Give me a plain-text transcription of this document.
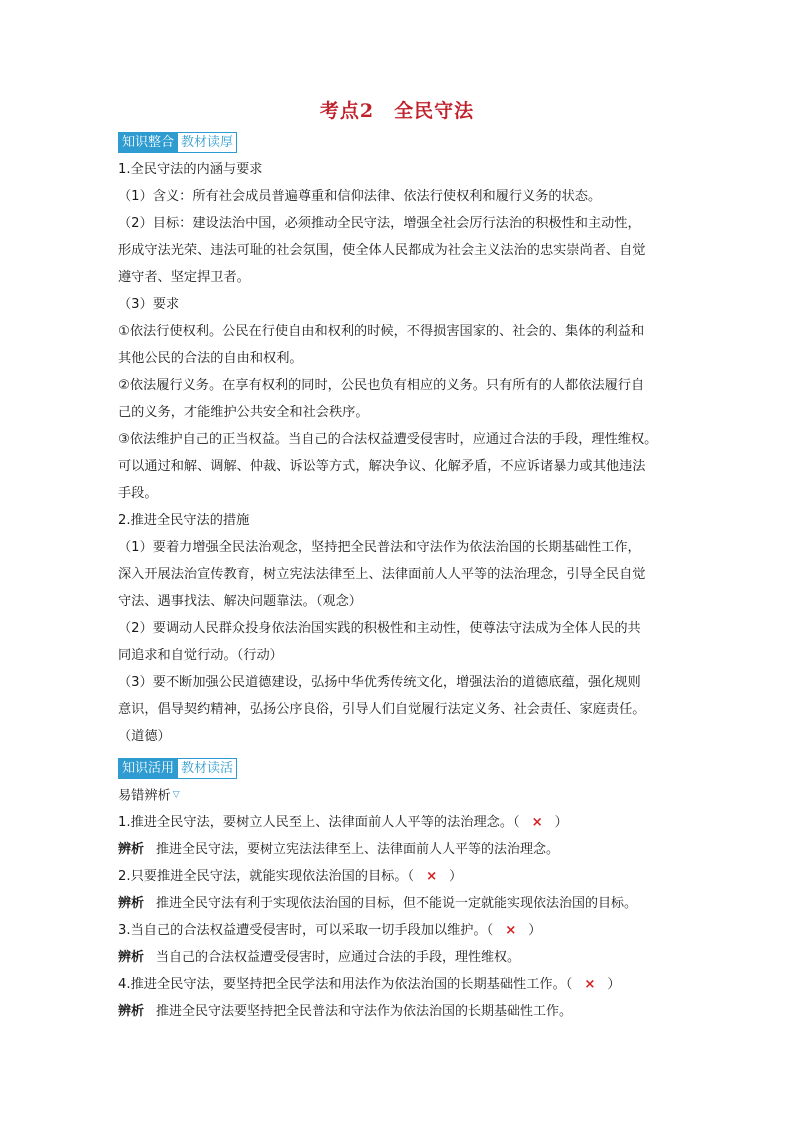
考点2　全民守法
知识整合 教材读厚
1.全民守法的内涵与要求
（1）含义：所有社会成员普遍尊重和信仰法律、依法行使权利和履行义务的状态。
（2）目标：建设法治中国，必须推动全民守法，增强全社会厉行法治的积极性和主动性，
形成守法光荣、违法可耻的社会氛围，使全体人民都成为社会主义法治的忠实崇尚者、自觉
遵守者、坚定捍卫者。
（3）要求
①依法行使权利。公民在行使自由和权利的时候，不得损害国家的、社会的、集体的利益和
其他公民的合法的自由和权利。
②依法履行义务。在享有权利的同时，公民也负有相应的义务。只有所有的人都依法履行自
己的义务，才能维护公共安全和社会秩序。
③依法维护自己的正当权益。当自己的合法权益遭受侵害时，应通过合法的手段，理性维权。
可以通过和解、调解、仲裁、诉讼等方式，解决争议、化解矛盾，不应诉诸暴力或其他违法
手段。
2.推进全民守法的措施
（1）要着力增强全民法治观念，坚持把全民普法和守法作为依法治国的长期基础性工作，
深入开展法治宣传教育，树立宪法法律至上、法律面前人人平等的法治理念，引导全民自觉
守法、遇事找法、解决问题靠法。（观念）
（2）要调动人民群众投身依法治国实践的积极性和主动性，使尊法守法成为全体人民的共
同追求和自觉行动。（行动）
（3）要不断加强公民道德建设，弘扬中华优秀传统文化，增强法治的道德底蕴，强化规则
意识，倡导契约精神，弘扬公序良俗，引导人们自觉履行法定义务、社会责任、家庭责任。
（道德）
知识活用 教材读活
易错辨析 ▽
1.推进全民守法，要树立人民至上、法律面前人人平等的法治理念。（ × ）
辨析 推进全民守法，要树立宪法法律至上、法律面前人人平等的法治理念。
2.只要推进全民守法，就能实现依法治国的目标。（ × ）
辨析 推进全民守法有利于实现依法治国的目标，但不能说一定就能实现依法治国的目标。
3.当自己的合法权益遭受侵害时，可以采取一切手段加以维护。（ × ）
辨析 当自己的合法权益遭受侵害时，应通过合法的手段，理性维权。
4.推进全民守法，要坚持把全民学法和用法作为依法治国的长期基础性工作。（ × ）
辨析 推进全民守法要坚持把全民普法和守法作为依法治国的长期基础性工作。
